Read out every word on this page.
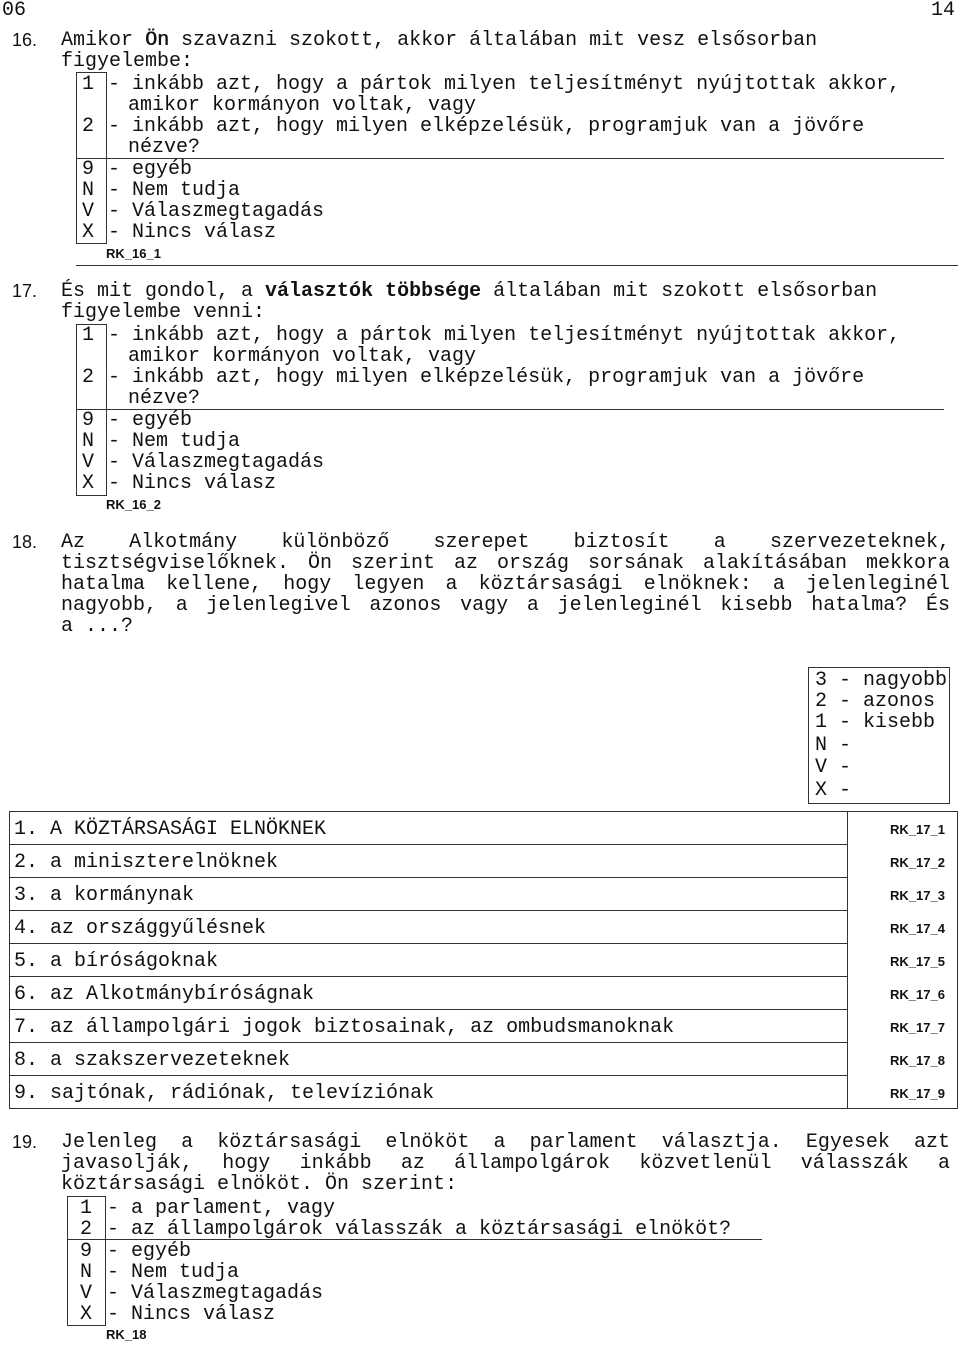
06	14
16. Amikor Ön szavazni szokott, akkor általában mit vesz elsősorban
figyelembe:
1 - inkább azt, hogy a pártok milyen teljesítményt nyújtottak akkor,
amikor kormányon voltak, vagy
2 - inkább azt, hogy milyen elképzelésük, programjuk van a jövőre
nézve?
9 - egyéb
N - Nem tudja
V - Válaszmegtagadás
X - Nincs válasz
RK_16_1
17. És mit gondol, a választók többsége általában mit szokott elsősorban
figyelembe venni:
1 - inkább azt, hogy a pártok milyen teljesítményt nyújtottak akkor,
amikor kormányon voltak, vagy
2 - inkább azt, hogy milyen elképzelésük, programjuk van a jövőre
nézve?
9 - egyéb
N - Nem tudja
V - Válaszmegtagadás
X - Nincs válasz
RK_16_2
18. Az Alkotmány különböző szerepet biztosít a szervezeteknek,
tisztségviselőknek. Ön szerint az ország sorsának alakításában mekkora
hatalma kellene, hogy legyen a köztársasági elnöknek: a jelenleginél
nagyobb, a jelenlegivel azonos vagy a jelenleginél kisebb hatalma? És
a ...?
3 - nagyobb
2 - azonos
1 - kisebb
N -
V -
X -
1. A KÖZTÁRSASÁGI ELNÖKNEK	RK_17_1
2. a miniszterelnöknek	RK_17_2
3. a kormánynak	RK_17_3
4. az országgyűlésnek	RK_17_4
5. a bíróságoknak	RK_17_5
6. az Alkotmánybíróságnak	RK_17_6
7. az állampolgári jogok biztosainak, az ombudsmanoknak	RK_17_7
8. a szakszervezeteknek	RK_17_8
9. sajtónak, rádiónak, televíziónak	RK_17_9
19. Jelenleg a köztársasági elnököt a parlament választja. Egyesek azt
javasolják, hogy inkább az állampolgárok közvetlenül válasszák a
köztársasági elnököt. Ön szerint:
1 - a parlament, vagy
2 - az állampolgárok válasszák a köztársasági elnököt?
9 - egyéb
N - Nem tudja
V - Válaszmegtagadás
X - Nincs válasz
RK_18
